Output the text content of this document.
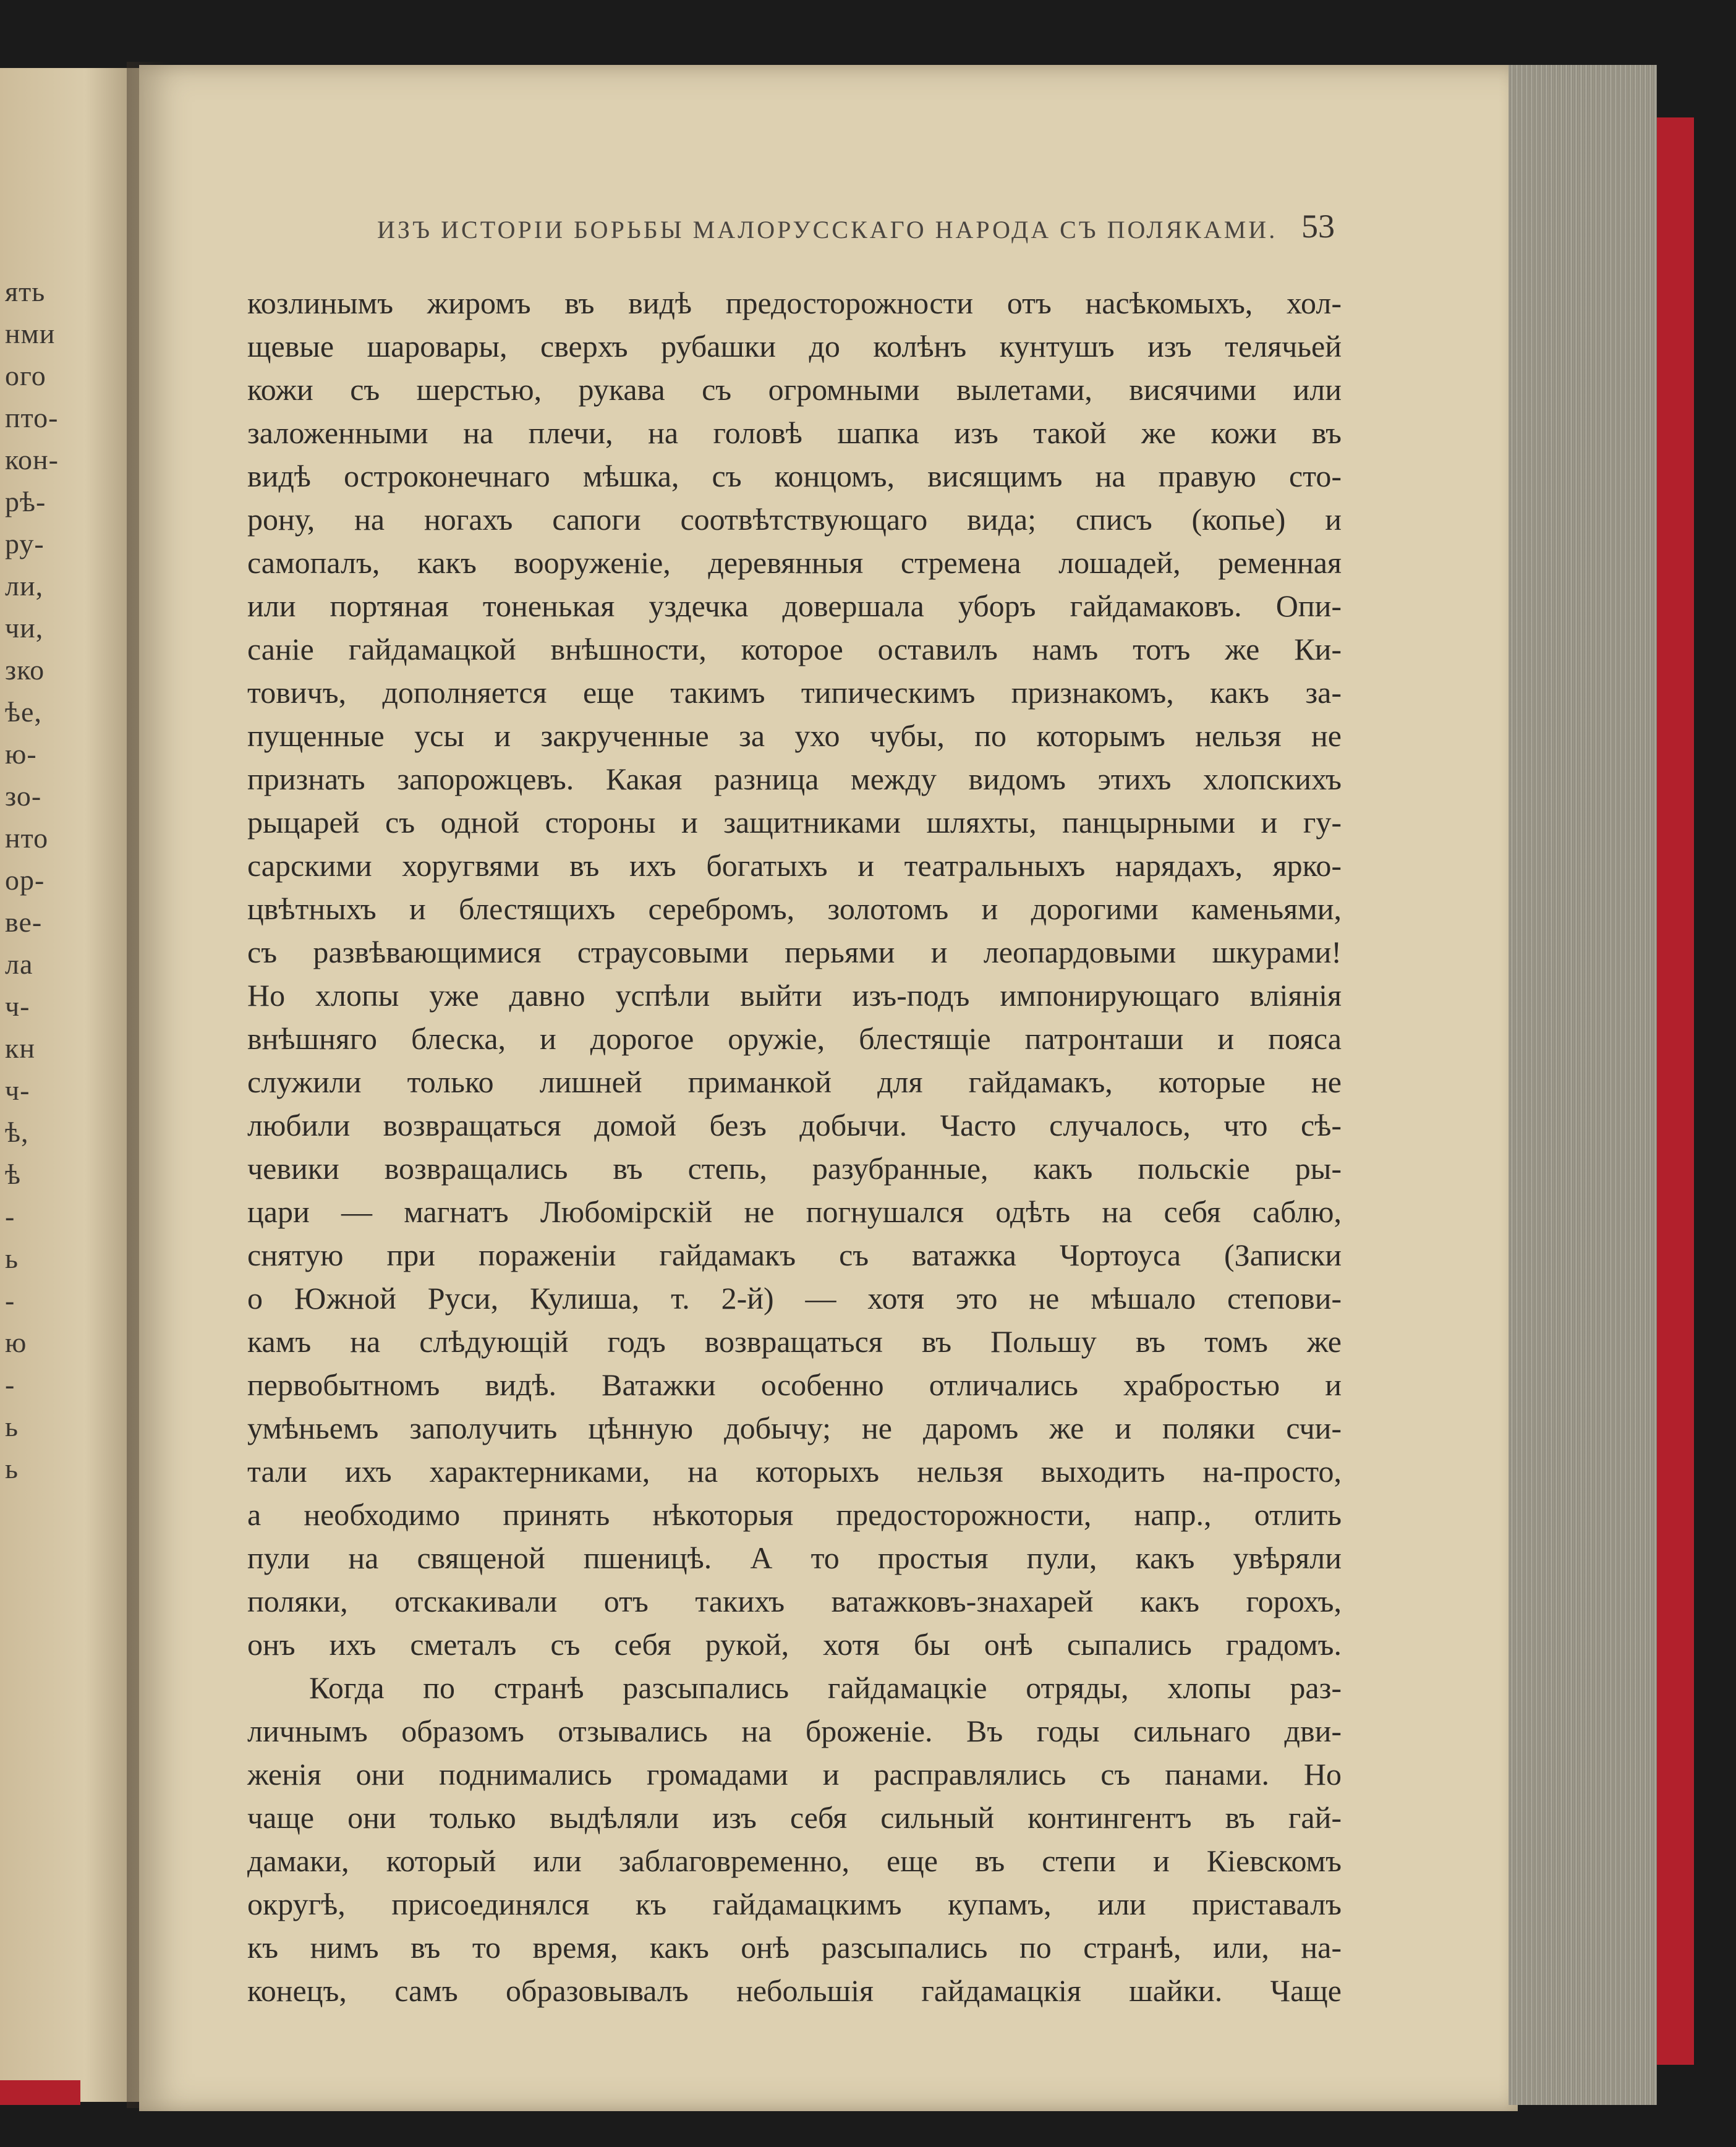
ять
нми
ого
пто-
кон-
рѣ-
ру-
ли,
чи,
зко
ѣе,
ю-
зо-
нто
ор-
ве-
ла
ч-
кн
ч-
ѣ,
ѣ
-
ь
-
ю
-
ь
ь
ИЗЪ ИСТОРІИ БОРЬБЫ МАЛОРУССКАГО НАРОДА СЪ ПОЛЯКАМИ. 53
козлинымъ жиромъ въ видѣ предосторожности отъ насѣкомыхъ, хол-
щевые шаровары, сверхъ рубашки до колѣнъ кунтушъ изъ телячьей
кожи съ шерстью, рукава съ огромными вылетами, висячими или
заложенными на плечи, на головѣ шапка изъ такой же кожи въ
видѣ остроконечнаго мѣшка, съ концомъ, висящимъ на правую сто-
рону, на ногахъ сапоги соотвѣтствующаго вида; списъ (копье) и
самопалъ, какъ вооруженіе, деревянныя стремена лошадей, ременная
или портяная тоненькая уздечка довершала уборъ гайдамаковъ. Опи-
саніе гайдамацкой внѣшности, которое оставилъ намъ тотъ же Ки-
товичъ, дополняется еще такимъ типическимъ признакомъ, какъ за-
пущенные усы и закрученные за ухо чубы, по которымъ нельзя не
признать запорожцевъ. Какая разница между видомъ этихъ хлопскихъ
рыцарей съ одной стороны и защитниками шляхты, панцырными и гу-
сарскими хоругвями въ ихъ богатыхъ и театральныхъ нарядахъ, ярко-
цвѣтныхъ и блестящихъ серебромъ, золотомъ и дорогими каменьями,
съ развѣвающимися страусовыми перьями и леопардовыми шкурами!
Но хлопы уже давно успѣли выйти изъ-подъ импонирующаго вліянія
внѣшняго блеска, и дорогое оружіе, блестящіе патронташи и пояса
служили только лишней приманкой для гайдамакъ, которые не
любили возвращаться домой безъ добычи. Часто случалось, что сѣ-
чевики возвращались въ степь, разубранные, какъ польскіе ры-
цари — магнатъ Любомірскій не погнушался одѣть на себя саблю,
снятую при пораженіи гайдамакъ съ ватажка Чортоуса (Записки
о Южной Руси, Кулиша, т. 2-й) — хотя это не мѣшало степови-
камъ на слѣдующій годъ возвращаться въ Польшу въ томъ же
первобытномъ видѣ. Ватажки особенно отличались храбростью и
умѣньемъ заполучить цѣнную добычу; не даромъ же и поляки счи-
тали ихъ характерниками, на которыхъ нельзя выходить на-просто,
а необходимо принять нѣкоторыя предосторожности, напр., отлить
пули на священой пшеницѣ. А то простыя пули, какъ увѣряли
поляки, отскакивали отъ такихъ ватажковъ-знахарей какъ горохъ,
онъ ихъ сметалъ съ себя рукой, хотя бы онѣ сыпались градомъ.
Когда по странѣ разсыпались гайдамацкіе отряды, хлопы раз-
личнымъ образомъ отзывались на броженіе. Въ годы сильнаго дви-
женія они поднимались громадами и расправлялись съ панами. Но
чаще они только выдѣляли изъ себя сильный контингентъ въ гай-
дамаки, который или заблаговременно, еще въ степи и Кіевскомъ
округѣ, присоединялся къ гайдамацкимъ купамъ, или приставалъ
къ нимъ въ то время, какъ онѣ разсыпались по странѣ, или, на-
конецъ, самъ образовывалъ небольшія гайдамацкія шайки. Чаще
